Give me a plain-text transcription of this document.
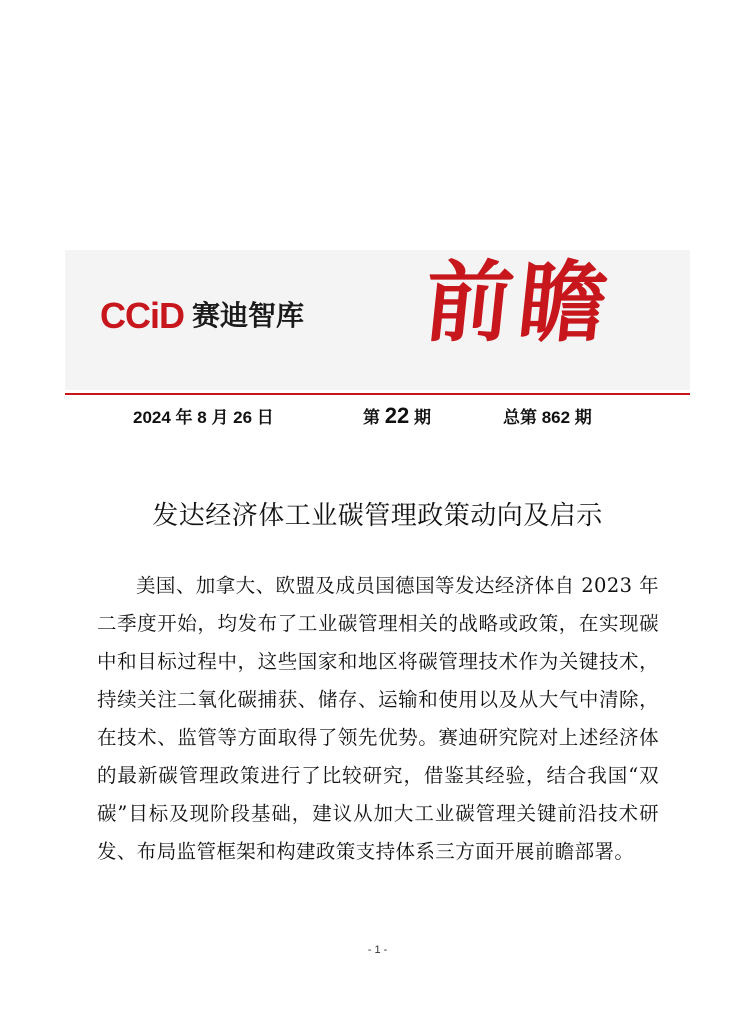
CCiD 赛迪智库 前瞻
2024 年 8 月 26 日	第 22 期	总第 862 期
发达经济体工业碳管理政策动向及启示

美国、加拿大、欧盟及成员国德国等发达经济体自 2023 年二季度开始，均发布了工业碳管理相关的战略或政策，在实现碳中和目标过程中，这些国家和地区将碳管理技术作为关键技术，持续关注二氧化碳捕获、储存、运输和使用以及从大气中清除，在技术、监管等方面取得了领先优势。赛迪研究院对上述经济体的最新碳管理政策进行了比较研究，借鉴其经验，结合我国“双碳”目标及现阶段基础，建议从加大工业碳管理关键前沿技术研发、布局监管框架和构建政策支持体系三方面开展前瞻部署。

- 1 -
